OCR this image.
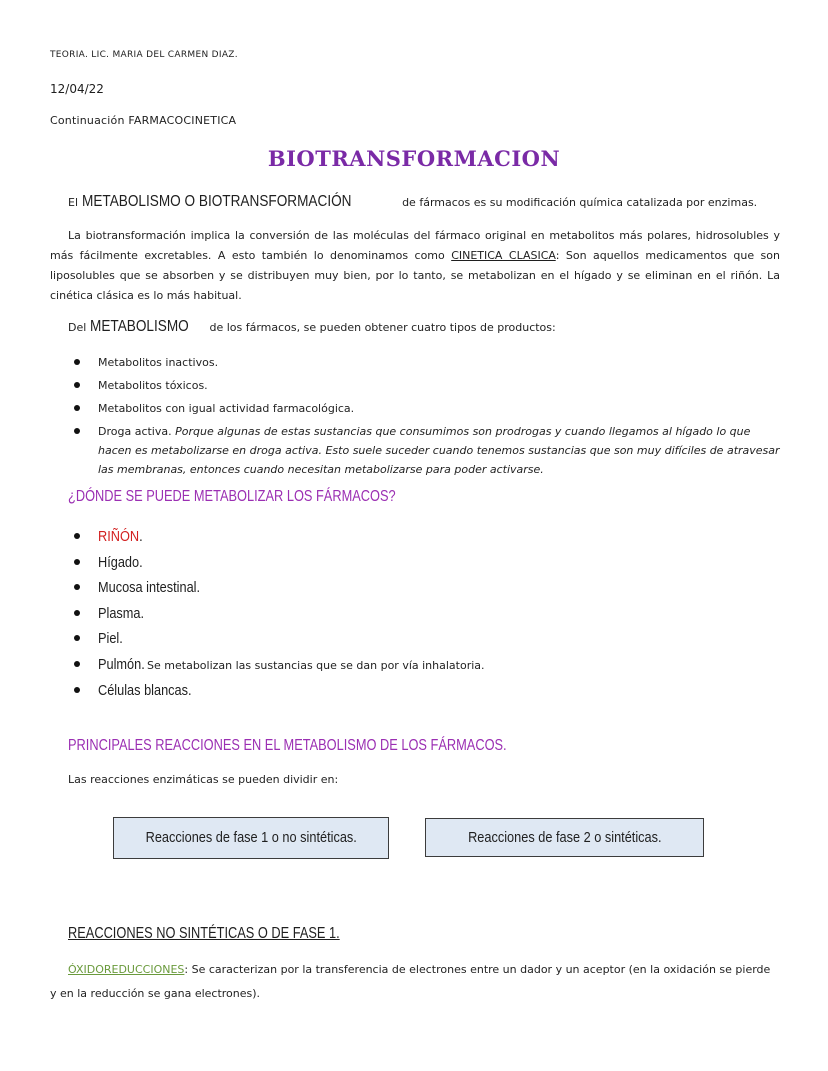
TEORIA. LIC. MARIA DEL CARMEN DIAZ.
12/04/22
Continuación FARMACOCINETICA
BIOTRANSFORMACION
El METABOLISMO O BIOTRANSFORMACIÓN	de fármacos es su modificación química catalizada por enzimas.
La biotransformación implica la conversión de las moléculas del fármaco original en metabolitos más polares, hidrosolubles y más fácilmente excretables. A esto también lo denominamos como CINETICA CLASICA: Son aquellos medicamentos que son liposolubles que se absorben y se distribuyen muy bien, por lo tanto, se metabolizan en el hígado y se eliminan en el riñón. La cinética clásica es lo más habitual.
Del METABOLISMO de los fármacos, se pueden obtener cuatro tipos de productos:
Metabolitos inactivos.
Metabolitos tóxicos.
Metabolitos con igual actividad farmacológica.
Droga activa. Porque algunas de estas sustancias que consumimos son prodrogas y cuando llegamos al hígado lo que hacen es metabolizarse en droga activa. Esto suele suceder cuando tenemos sustancias que son muy difíciles de atravesar las membranas, entonces cuando necesitan metabolizarse para poder activarse.
¿DÓNDE SE PUEDE METABOLIZAR LOS FÁRMACOS?
RIÑÓN.
Hígado.
Mucosa intestinal.
Plasma.
Piel.
Pulmón. Se metabolizan las sustancias que se dan por vía inhalatoria.
Células blancas.
PRINCIPALES REACCIONES EN EL METABOLISMO DE LOS FÁRMACOS.
Las reacciones enzimáticas se pueden dividir en:
Reacciones de fase 1 o no sintéticas.	Reacciones de fase 2 o sintéticas.
REACCIONES NO SINTÉTICAS O DE FASE 1.
ÓXIDOREDUCCIONES: Se caracterizan por la transferencia de electrones entre un dador y un aceptor (en la oxidación se pierde y en la reducción se gana electrones).
